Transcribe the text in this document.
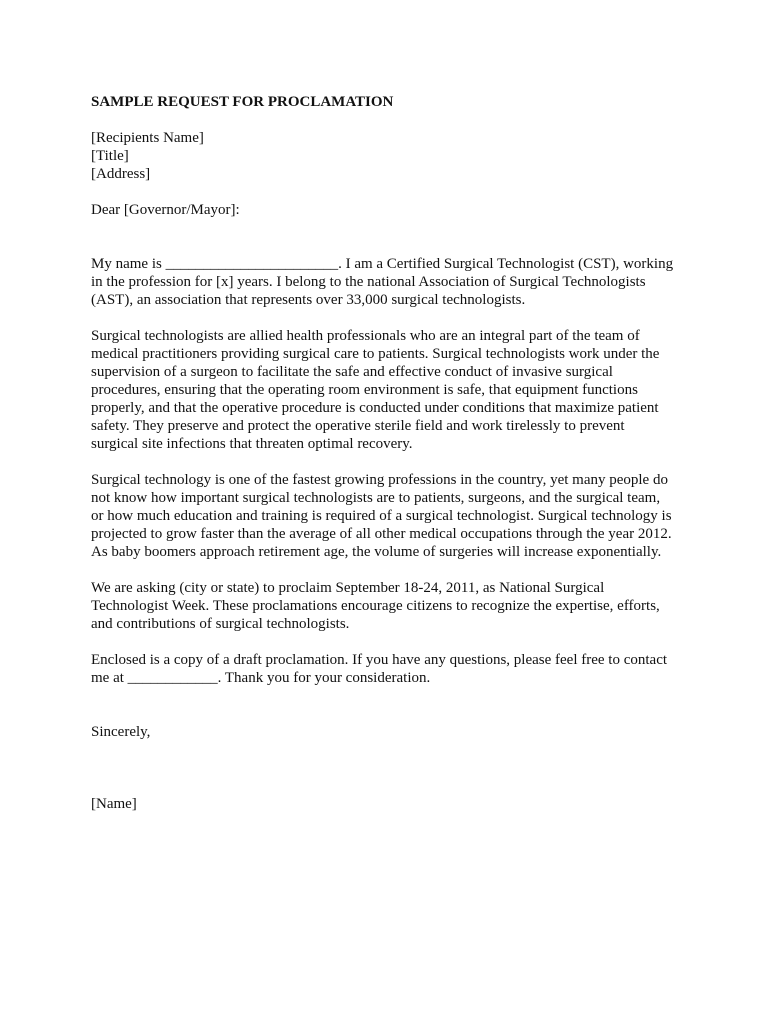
SAMPLE REQUEST FOR PROCLAMATION

[Recipients Name]
[Title]
[Address]
Dear [Governor/Mayor]:
My name is _______________________. I am a Certified Surgical Technologist (CST), working
in the profession for [x] years. I belong to the national Association of Surgical Technologists
(AST), an association that represents over 33,000 surgical technologists.
Surgical technologists are allied health professionals who are an integral part of the team of
medical practitioners providing surgical care to patients. Surgical technologists work under the
supervision of a surgeon to facilitate the safe and effective conduct of invasive surgical
procedures, ensuring that the operating room environment is safe, that equipment functions
properly, and that the operative procedure is conducted under conditions that maximize patient
safety. They preserve and protect the operative sterile field and work tirelessly to prevent
surgical site infections that threaten optimal recovery.
Surgical technology is one of the fastest growing professions in the country, yet many people do
not know how important surgical technologists are to patients, surgeons, and the surgical team,
or how much education and training is required of a surgical technologist. Surgical technology is
projected to grow faster than the average of all other medical occupations through the year 2012.
As baby boomers approach retirement age, the volume of surgeries will increase exponentially.
We are asking (city or state) to proclaim September 18-24, 2011, as National Surgical
Technologist Week. These proclamations encourage citizens to recognize the expertise, efforts,
and contributions of surgical technologists.
Enclosed is a copy of a draft proclamation. If you have any questions, please feel free to contact
me at ____________. Thank you for your consideration.
Sincerely,
[Name]
